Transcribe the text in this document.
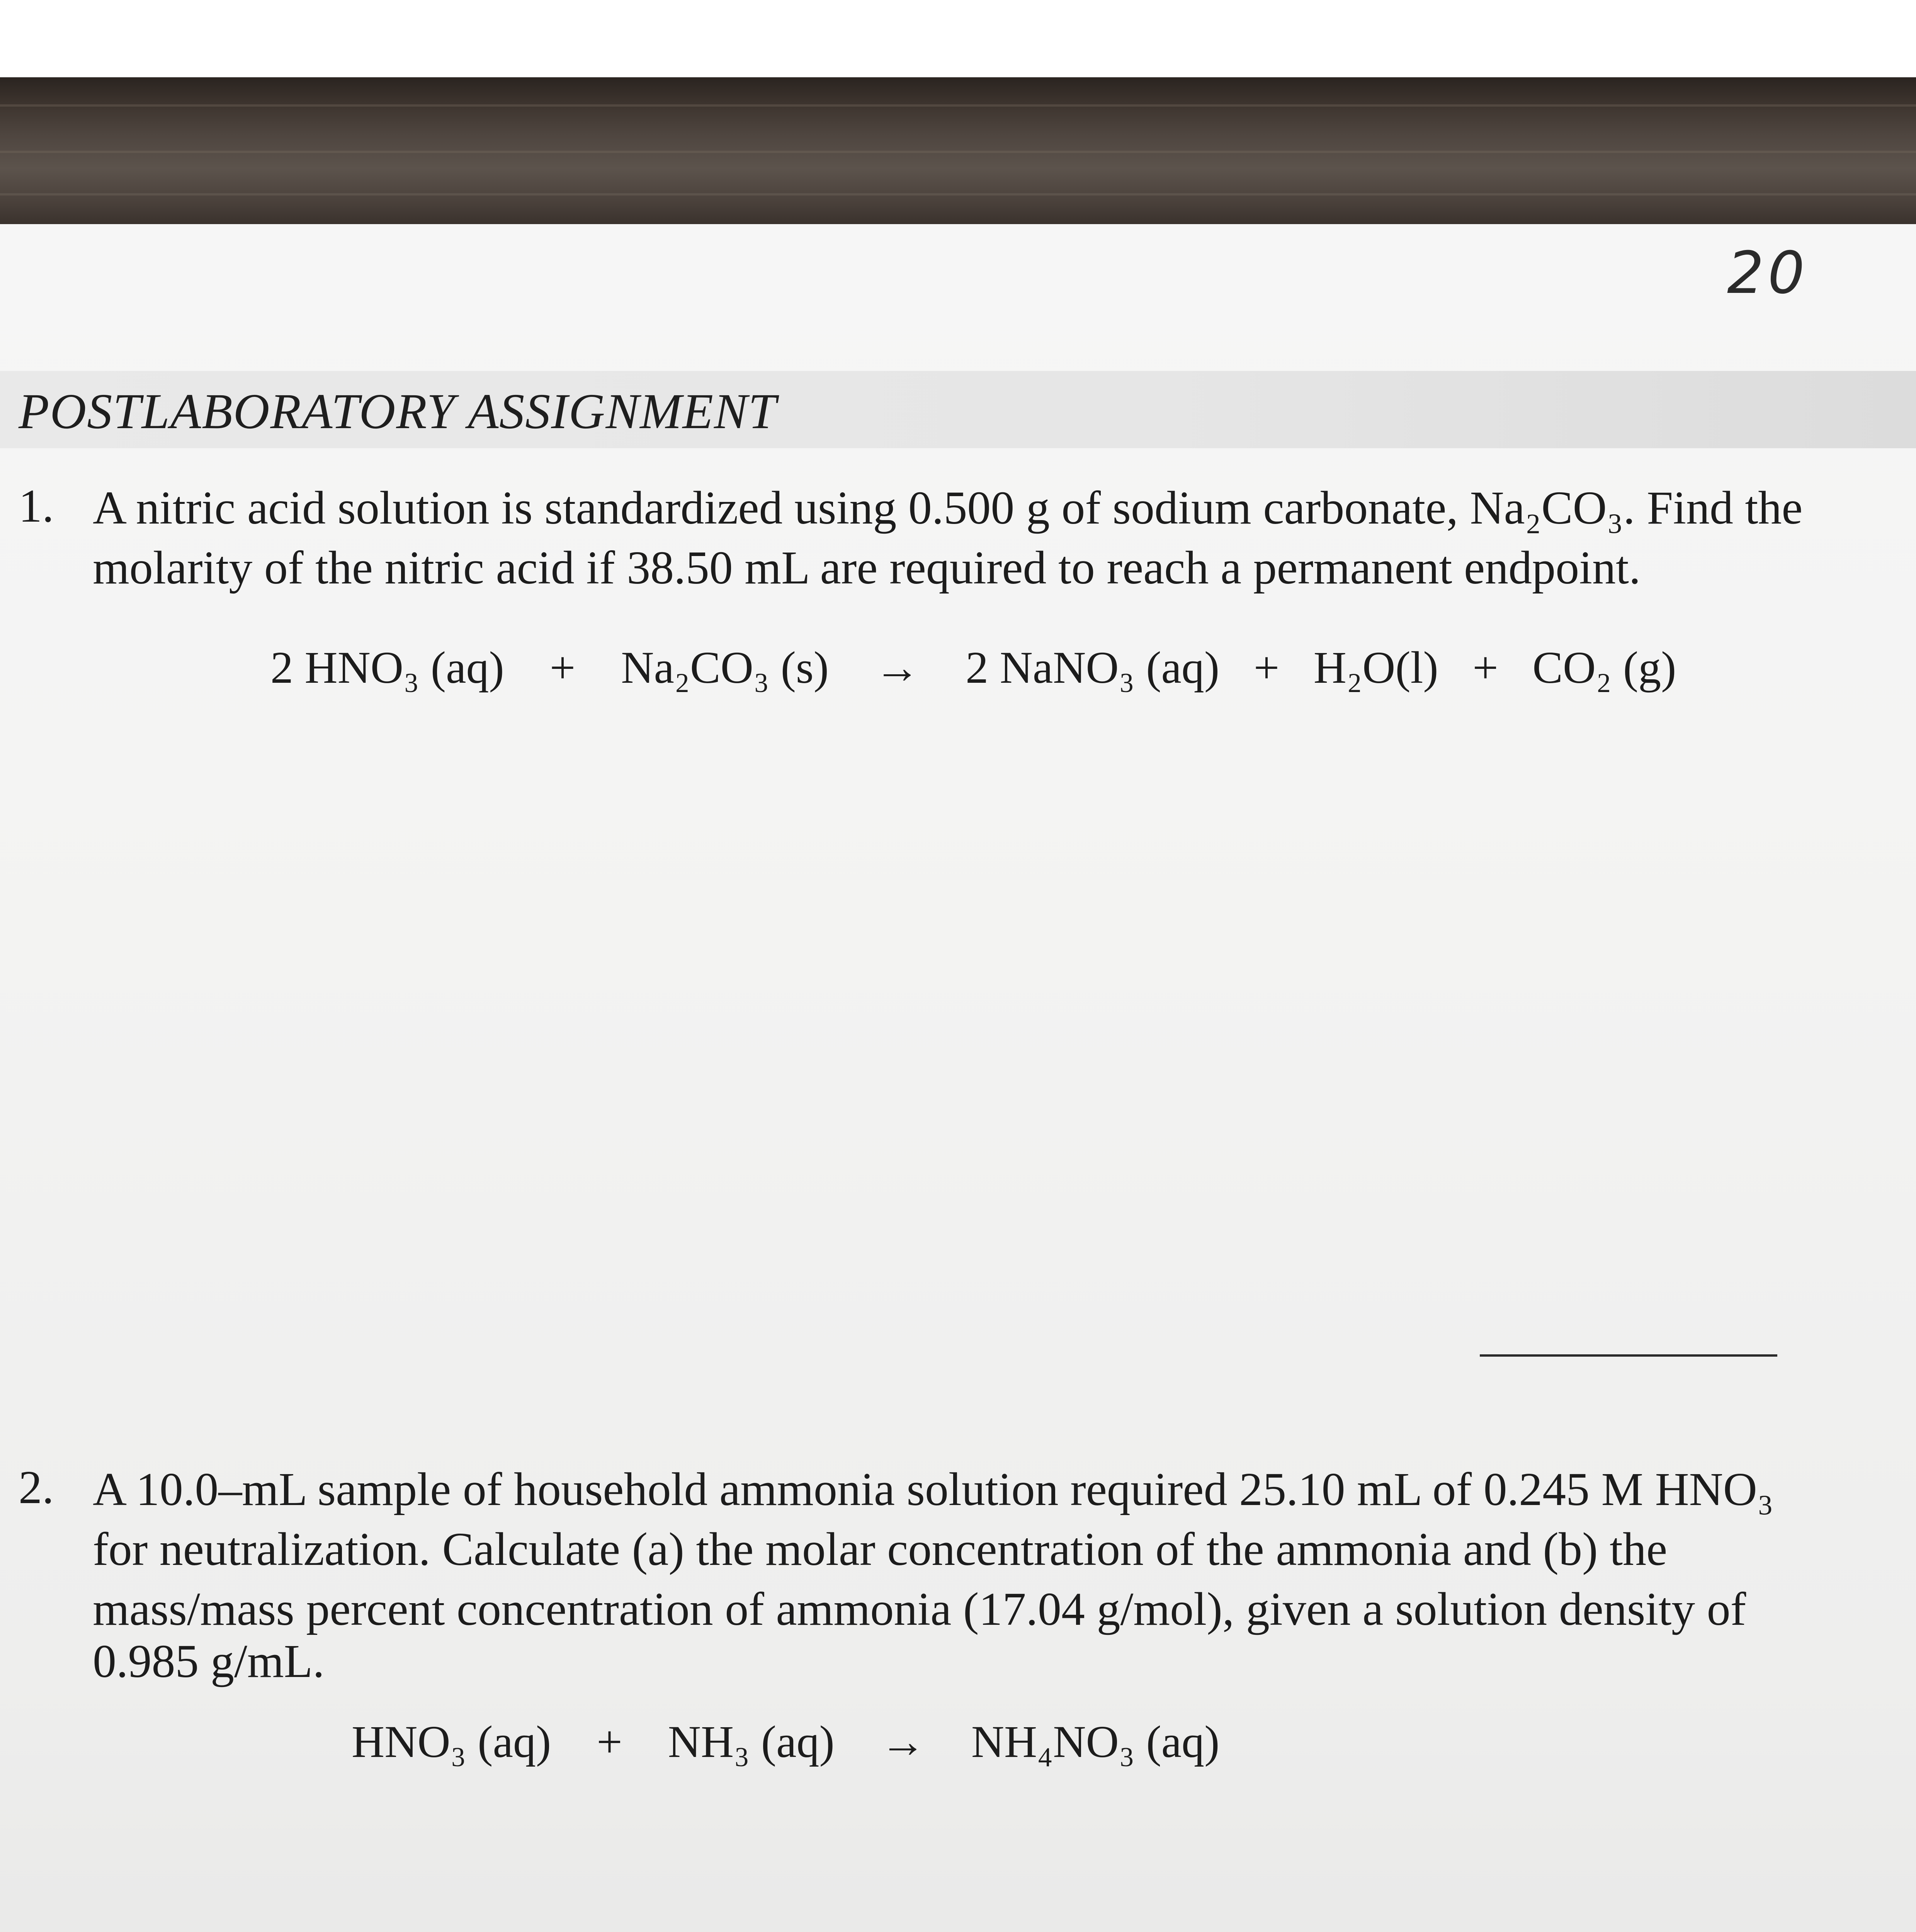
20
POSTLABORATORY ASSIGNMENT
1. A nitric acid solution is standardized using 0.500 g of sodium carbonate, Na₂CO₃. Find the
molarity of the nitric acid if 38.50 mL are required to reach a permanent endpoint.
2 HNO₃ (aq)    +    Na₂CO₃ (s)    →    2 NaNO₃ (aq)   +   H₂O(l)   +   CO₂ (g)
2. A 10.0–mL sample of household ammonia solution required 25.10 mL of 0.245 M HNO₃
for neutralization. Calculate (a) the molar concentration of the ammonia and (b) the
mass/mass percent concentration of ammonia (17.04 g/mol), given a solution density of
0.985 g/mL.
HNO₃ (aq)    +    NH₃ (aq)    →    NH₄NO₃ (aq)
